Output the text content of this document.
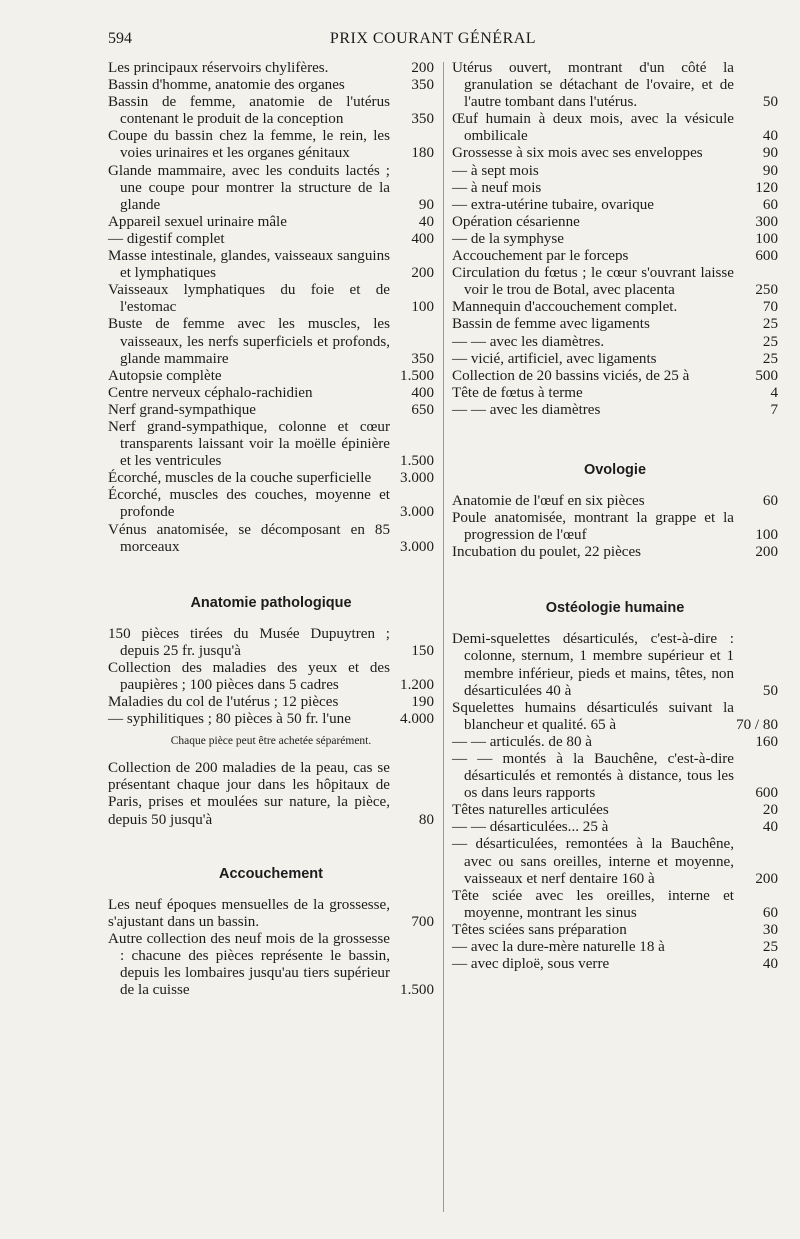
594	PRIX COURANT GÉNÉRAL
Les principaux réservoirs chylifères.	200
Bassin d'homme, anatomie des organes	350
Bassin de femme, anatomie de l'utérus contenant le produit de la conception	350
Coupe du bassin chez la femme, le rein, les voies urinaires et les organes génitaux	180
Glande mammaire, avec les conduits lactés ; une coupe pour montrer la structure de la glande	90
Appareil sexuel urinaire mâle	40
— digestif complet	400
Masse intestinale, glandes, vaisseaux sanguins et lymphatiques	200
Vaisseaux lymphatiques du foie et de l'estomac	100
Buste de femme avec les muscles, les vaisseaux, les nerfs superficiels et profonds, glande mammaire	350
Autopsie complète	1.500
Centre nerveux céphalo-rachidien	400
Nerf grand-sympathique	650
Nerf grand-sympathique, colonne et cœur transparents laissant voir la moëlle épinière et les ventricules	1.500
Écorché, muscles de la couche superficielle	3.000
Écorché, muscles des couches, moyenne et profonde	3.000
Vénus anatomisée, se décomposant en 85 morceaux	3.000
Anatomie pathologique
150 pièces tirées du Musée Dupuytren ; depuis 25 fr. jusqu'à	150
Collection des maladies des yeux et des paupières ; 100 pièces dans 5 cadres	1.200
Maladies du col de l'utérus ; 12 pièces	190
— syphilitiques ; 80 pièces à 50 fr. l'une	4.000
Chaque pièce peut être achetée séparément.
Collection de 200 maladies de la peau, cas se présentant chaque jour dans les hôpitaux de Paris, prises et moulées sur nature, la pièce, depuis 50 jusqu'à	80
Accouchement
Les neuf époques mensuelles de la grossesse, s'ajustant dans un bassin.	700
Autre collection des neuf mois de la grossesse : chacune des pièces représente le bassin, depuis les lombaires jusqu'au tiers supérieur de la cuisse	1.500
Utérus ouvert, montrant d'un côté la granulation se détachant de l'ovaire, et de l'autre tombant dans l'utérus.	50
Œuf humain à deux mois, avec la vésicule ombilicale	40
Grossesse à six mois avec ses enveloppes	90
— à sept mois	90
— à neuf mois	120
— extra-utérine tubaire, ovarique	60
Opération césarienne	300
— de la symphyse	100
Accouchement par le forceps	600
Circulation du fœtus ; le cœur s'ouvrant laisse voir le trou de Botal, avec placenta	250
Mannequin d'accouchement complet.	70
Bassin de femme avec ligaments	25
— — avec les diamètres.	25
— vicié, artificiel, avec ligaments	25
Collection de 20 bassins viciés, de 25 à	500
Tête de fœtus à terme	4
— — avec les diamètres	7
Ovologie
Anatomie de l'œuf en six pièces	60
Poule anatomisée, montrant la grappe et la progression de l'œuf	100
Incubation du poulet, 22 pièces	200
Ostéologie humaine
Demi-squelettes désarticulés, c'est-à-dire : colonne, sternum, 1 membre supérieur et 1 membre inférieur, pieds et mains, têtes, non désarticulées 40 à	50
Squelettes humains désarticulés suivant la blancheur et qualité. 65 à	70 / 80
— — articulés. de 80 à	160
— — montés à la Bauchêne, c'est-à-dire désarticulés et remontés à distance, tous les os dans leurs rapports	600
Têtes naturelles articulées	20
— — désarticulées... 25 à	40
— désarticulées, remontées à la Bauchêne, avec ou sans oreilles, interne et moyenne, vaisseaux et nerf dentaire 160 à	200
Tête sciée avec les oreilles, interne et moyenne, montrant les sinus	60
Têtes sciées sans préparation	30
— avec la dure-mère naturelle 18 à	25
— avec diploë, sous verre	40
